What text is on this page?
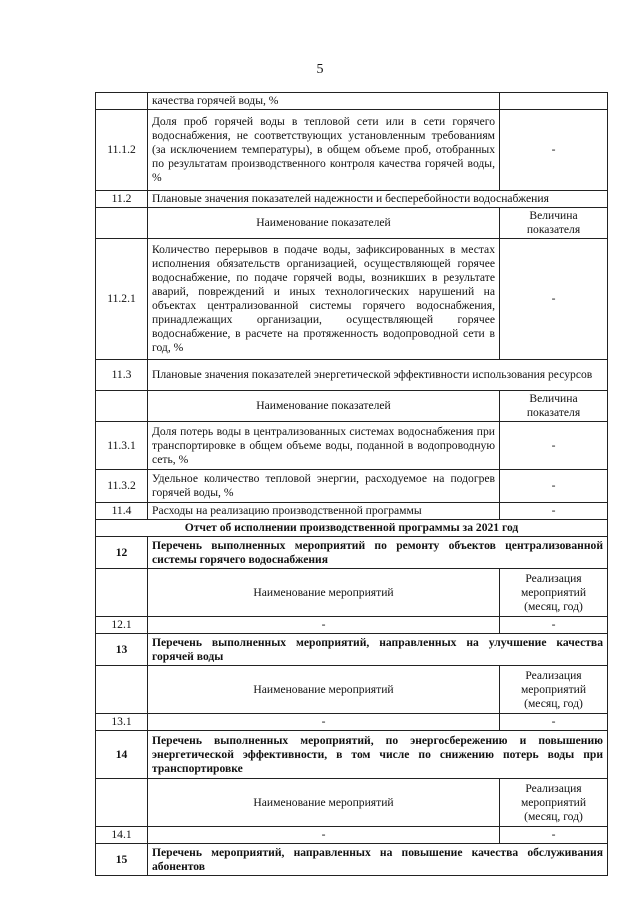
5
	качества горячей воды, %	
11.1.2	Доля проб горячей воды в тепловой сети или в сети горячего водоснабжения, не соответствующих установленным требованиям (за исключением температуры), в общем объеме проб, отобранных по результатам производственного контроля качества горячей воды, %	-
11.2	Плановые значения показателей надежности и бесперебойности водоснабжения	
	Наименование показателей	Величина показателя
11.2.1	Количество перерывов в подаче воды, зафиксированных в местах исполнения обязательств организацией, осуществляющей горячее водоснабжение, по подаче горячей воды, возникших в результате аварий, повреждений и иных технологических нарушений на объектах централизованной системы горячего водоснабжения, принадлежащих организации, осуществляющей горячее водоснабжение, в расчете на протяженность водопроводной сети в год, %	-
11.3	Плановые значения показателей энергетической эффективности использования ресурсов	
	Наименование показателей	Величина показателя
11.3.1	Доля потерь воды в централизованных системах водоснабжения при транспортировке в общем объеме воды, поданной в водопроводную сеть, %	-
11.3.2	Удельное количество тепловой энергии, расходуемое на подогрев горячей воды, %	-
11.4	Расходы на реализацию производственной программы	-
Отчет об исполнении производственной программы за 2021 год		
12	Перечень выполненных мероприятий по ремонту объектов централизованной системы горячего водоснабжения	
	Наименование мероприятий	Реализация мероприятий (месяц, год)
12.1	-	-
13	Перечень выполненных мероприятий, направленных на улучшение качества горячей воды	
	Наименование мероприятий	Реализация мероприятий (месяц, год)
13.1	-	-
14	Перечень выполненных мероприятий, по энергосбережению и повышению энергетической эффективности, в том числе по снижению потерь воды при транспортировке	
	Наименование мероприятий	Реализация мероприятий (месяц, год)
14.1	-	-
15	Перечень мероприятий, направленных на повышение качества обслуживания абонентов	
